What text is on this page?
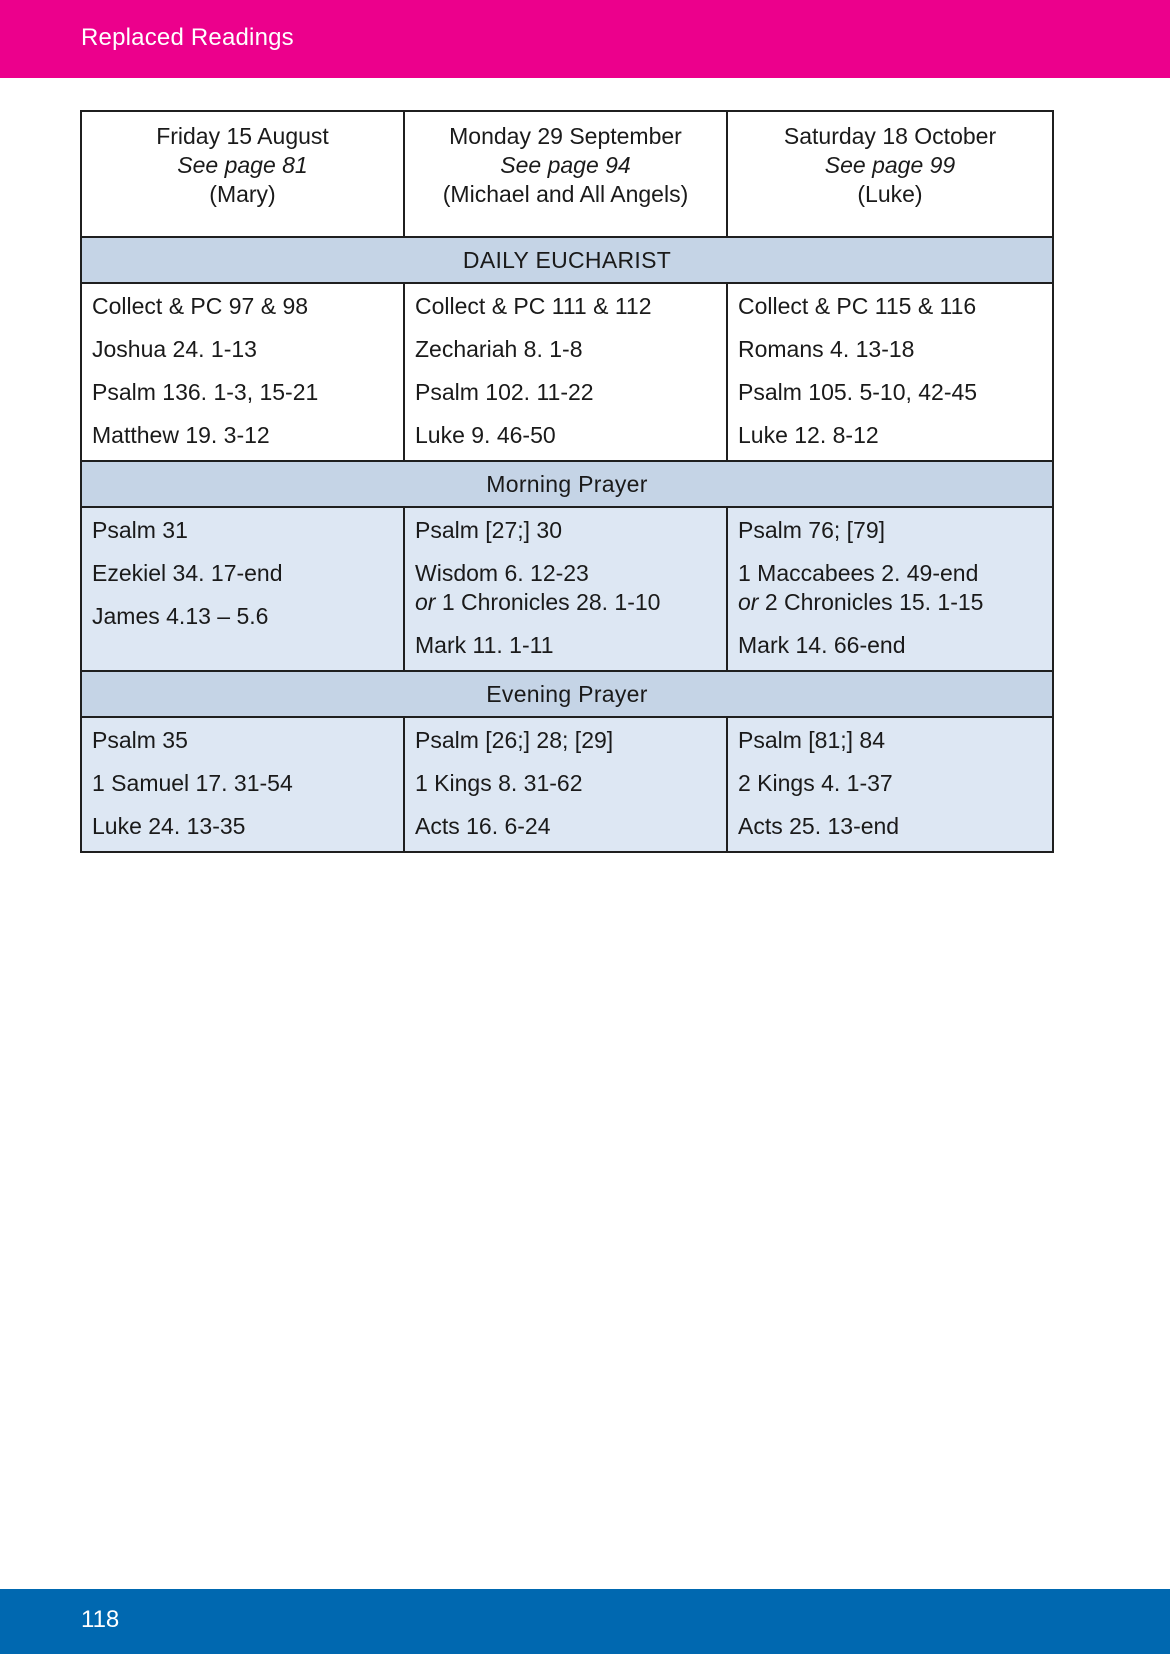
Replaced Readings
Friday 15 August
See page 81
(Mary)	Monday 29 September
See page 94
(Michael and All Angels)	Saturday 18 October
See page 99
(Luke)

DAILY EUCHARIST		

Collect & PC 97 & 98
Joshua 24. 1-13
Psalm 136. 1-3, 15-21
Matthew 19. 3-12	Collect & PC 111 & 112
Zechariah 8. 1-8
Psalm 102. 11-22
Luke 9. 46-50	Collect & PC 115 & 116
Romans 4. 13-18
Psalm 105. 5-10, 42-45
Luke 12. 8-12

Morning Prayer		

Psalm 31
Ezekiel 34. 17-end
James 4.13 – 5.6	Psalm [27;] 30
Wisdom 6. 12-23
or 1 Chronicles 28. 1-10
Mark 11. 1-11	Psalm 76; [79]
1 Maccabees 2. 49-end
or 2 Chronicles 15. 1-15
Mark 14. 66-end

Evening Prayer		

Psalm 35
1 Samuel 17. 31-54
Luke 24. 13-35	Psalm [26;] 28; [29]
1 Kings 8. 31-62
Acts 16. 6-24	Psalm [81;] 84
2 Kings 4. 1-37
Acts 25. 13-end
118
